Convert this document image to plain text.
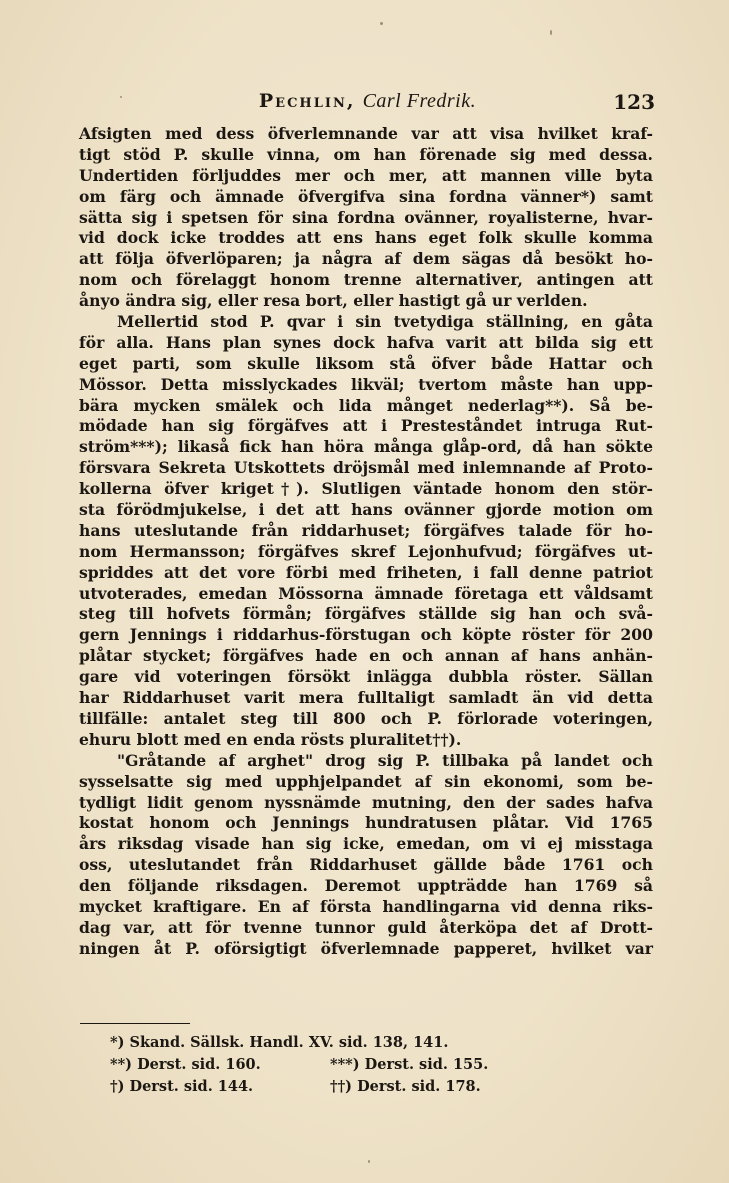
Pechlin, Carl Fredrik.	123
Afsigten med dess öfverlemnande var att visa hvilket kraf-
tigt stöd P. skulle vinna, om han förenade sig med dessa.
Undertiden förljuddes mer och mer, att mannen ville byta
om färg och ämnade öfvergifva sina fordna vänner*) samt
sätta sig i spetsen för sina fordna ovänner, royalisterne, hvar-
vid dock icke troddes att ens hans eget folk skulle komma
att följa öfverlöparen; ja några af dem sägas då besökt ho-
nom och förelaggt honom trenne alternativer, antingen att
ånyo ändra sig, eller resa bort, eller hastigt gå ur verlden.
Mellertid stod P. qvar i sin tvetydiga ställning, en gåta
för alla. Hans plan synes dock hafva varit att bilda sig ett
eget parti, som skulle liksom stå öfver både Hattar och
Mössor. Detta misslyckades likväl; tvertom måste han upp-
bära mycken smälek och lida månget nederlag**). Så be-
mödade han sig förgäfves att i Presteståndet intruga Rut-
ström***); likaså fick han höra många glåp-ord, då han sökte
försvara Sekreta Utskottets dröjsmål med inlemnande af Proto-
kollerna öfver kriget†). Slutligen väntade honom den stör-
sta förödmjukelse, i det att hans ovänner gjorde motion om
hans uteslutande från riddarhuset; förgäfves talade för ho-
nom Hermansson; förgäfves skref Lejonhufvud; förgäfves ut-
spriddes att det vore förbi med friheten, i fall denne patriot
utvoterades, emedan Mössorna ämnade företaga ett våldsamt
steg till hofvets förmån; förgäfves ställde sig han och svå-
gern Jennings i riddarhus-förstugan och köpte röster för 200
plåtar stycket; förgäfves hade en och annan af hans anhän-
gare vid voteringen försökt inlägga dubbla röster. Sällan
har Riddarhuset varit mera fulltaligt samladt än vid detta
tillfälle: antalet steg till 800 och P. förlorade voteringen,
ehuru blott med en enda rösts pluralitet††).
"Gråtande af arghet" drog sig P. tillbaka på landet och
sysselsatte sig med upphjelpandet af sin ekonomi, som be-
tydligt lidit genom nyssnämde mutning, den der sades hafva
kostat honom och Jennings hundratusen plåtar. Vid 1765
års riksdag visade han sig icke, emedan, om vi ej misstaga
oss, uteslutandet från Riddarhuset gällde både 1761 och
den följande riksdagen. Deremot uppträdde han 1769 så
mycket kraftigare. En af första handlingarna vid denna riks-
dag var, att för tvenne tunnor guld återköpa det af Drott-
ningen åt P. oförsigtigt öfverlemnade papperet, hvilket var
*) Skand. Sällsk. Handl. XV. sid. 138, 141.
**) Derst. sid. 160.	***) Derst. sid. 155.
†) Derst. sid. 144.	††) Derst. sid. 178.
